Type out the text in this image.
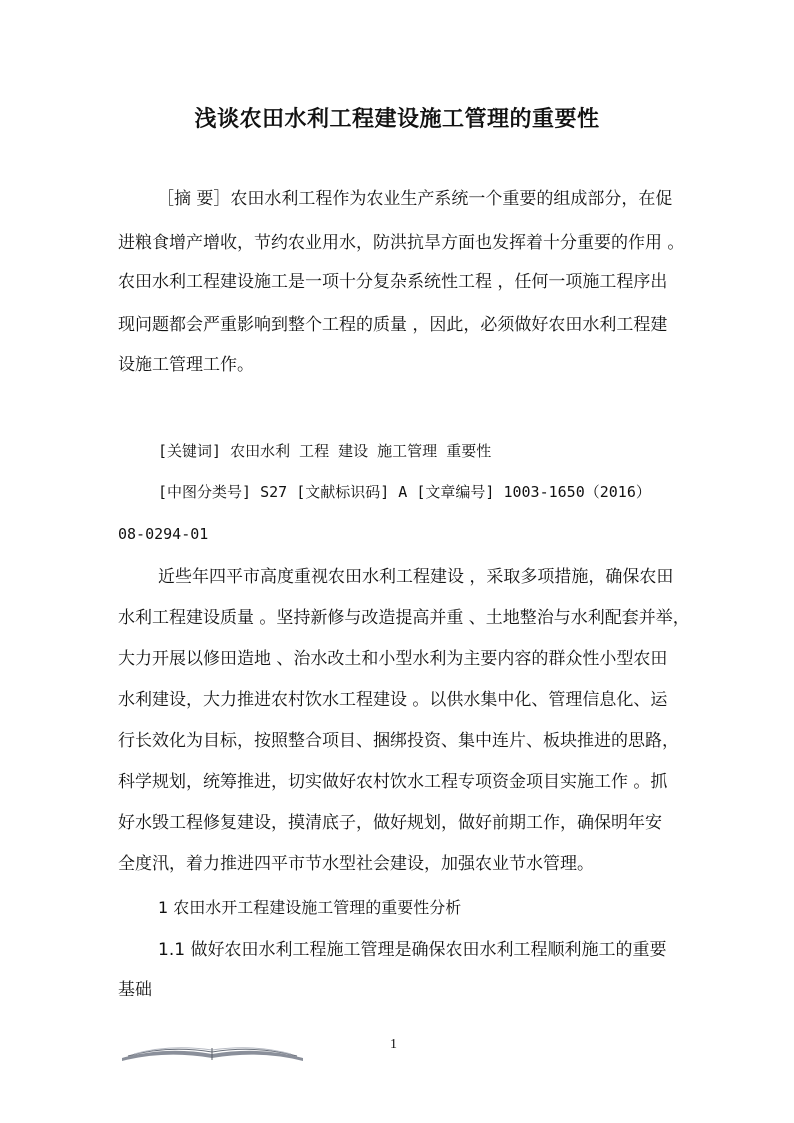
浅谈农田水利工程建设施工管理的重要性
［摘 要］农田水利工程作为农业生产系统一个重要的组成部分，在促
进粮食增产增收，节约农业用水，防洪抗旱方面也发挥着十分重要的作用 。
农田水利工程建设施工是一项十分复杂系统性工程 ，任何一项施工程序出
现问题都会严重影响到整个工程的质量 ，因此，必须做好农田水利工程建
设施工管理工作。
[关键词] 农田水利 工程 建设 施工管理 重要性
[中图分类号] S27 [文献标识码] A [文章编号] 1003-1650（2016）
08-0294-01
近些年四平市高度重视农田水利工程建设 ，采取多项措施，确保农田
水利工程建设质量 。坚持新修与改造提高并重 、土地整治与水利配套并举，
大力开展以修田造地 、治水改土和小型水利为主要内容的群众性小型农田
水利建设，大力推进农村饮水工程建设 。以供水集中化、管理信息化、运
行长效化为目标，按照整合项目、捆绑投资、集中连片、板块推进的思路，
科学规划，统筹推进，切实做好农村饮水工程专项资金项目实施工作 。抓
好水毁工程修复建设，摸清底子，做好规划，做好前期工作，确保明年安
全度汛，着力推进四平市节水型社会建设，加强农业节水管理。
1 农田水开工程建设施工管理的重要性分析
1.1 做好农田水利工程施工管理是确保农田水利工程顺利施工的重要
基础
1
